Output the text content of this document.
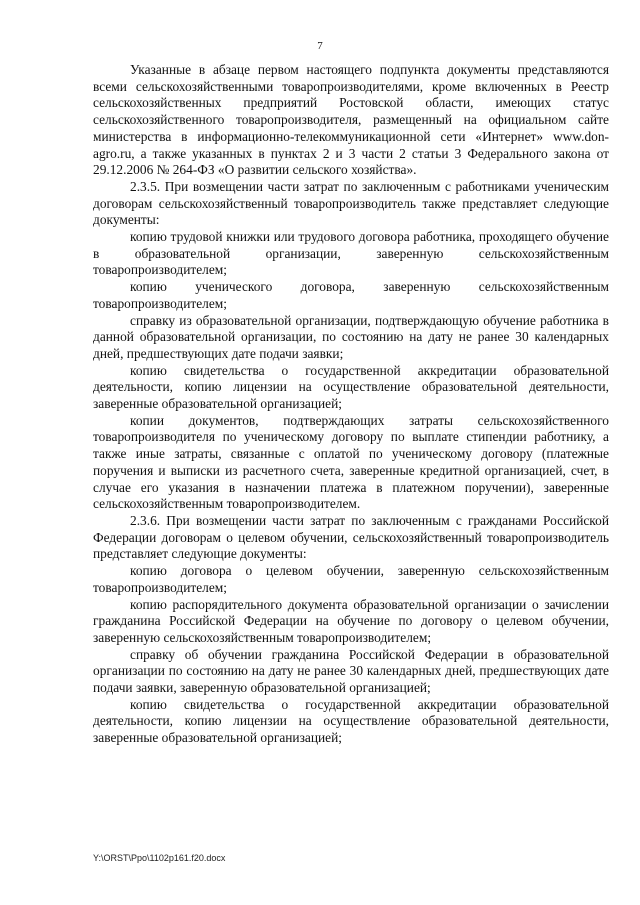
7

Указанные в абзаце первом настоящего подпункта документы представляются всеми сельскохозяйственными товаропроизводителями, кроме включенных в Реестр сельскохозяйственных предприятий Ростовской области, имеющих статус сельскохозяйственного товаропроизводителя, размещенный на официальном сайте министерства в информационно-телекоммуникационной сети «Интернет» www.don-agro.ru, а также указанных в пунктах 2 и 3 части 2 статьи 3 Федерального закона от 29.12.2006 № 264-ФЗ «О развитии сельского хозяйства».

2.3.5. При возмещении части затрат по заключенным с работниками ученическим договорам сельскохозяйственный товаропроизводитель также представляет следующие документы:

копию трудовой книжки или трудового договора работника, проходящего обучение в образовательной организации, заверенную сельскохозяйственным товаропроизводителем;

копию ученического договора, заверенную сельскохозяйственным товаропроизводителем;

справку из образовательной организации, подтверждающую обучение работника в данной образовательной организации, по состоянию на дату не ранее 30 календарных дней, предшествующих дате подачи заявки;

копию свидетельства о государственной аккредитации образовательной деятельности, копию лицензии на осуществление образовательной деятельности, заверенные образовательной организацией;

копии документов, подтверждающих затраты сельскохозяйственного товаропроизводителя по ученическому договору по выплате стипендии работнику, а также иные затраты, связанные с оплатой по ученическому договору (платежные поручения и выписки из расчетного счета, заверенные кредитной организацией, счет, в случае его указания в назначении платежа в платежном поручении), заверенные сельскохозяйственным товаропроизводителем.

2.3.6. При возмещении части затрат по заключенным с гражданами Российской Федерации договорам о целевом обучении, сельскохозяйственный товаропроизводитель представляет следующие документы:

копию договора о целевом обучении, заверенную сельскохозяйственным товаропроизводителем;

копию распорядительного документа образовательной организации о зачислении гражданина Российской Федерации на обучение по договору о целевом обучении, заверенную сельскохозяйственным товаропроизводителем;

справку об обучении гражданина Российской Федерации в образовательной организации по состоянию на дату не ранее 30 календарных дней, предшествующих дате подачи заявки, заверенную образовательной организацией;

копию свидетельства о государственной аккредитации образовательной деятельности, копию лицензии на осуществление образовательной деятельности, заверенные образовательной организацией;

Y:\ORST\Ppo\1102p161.f20.docx
